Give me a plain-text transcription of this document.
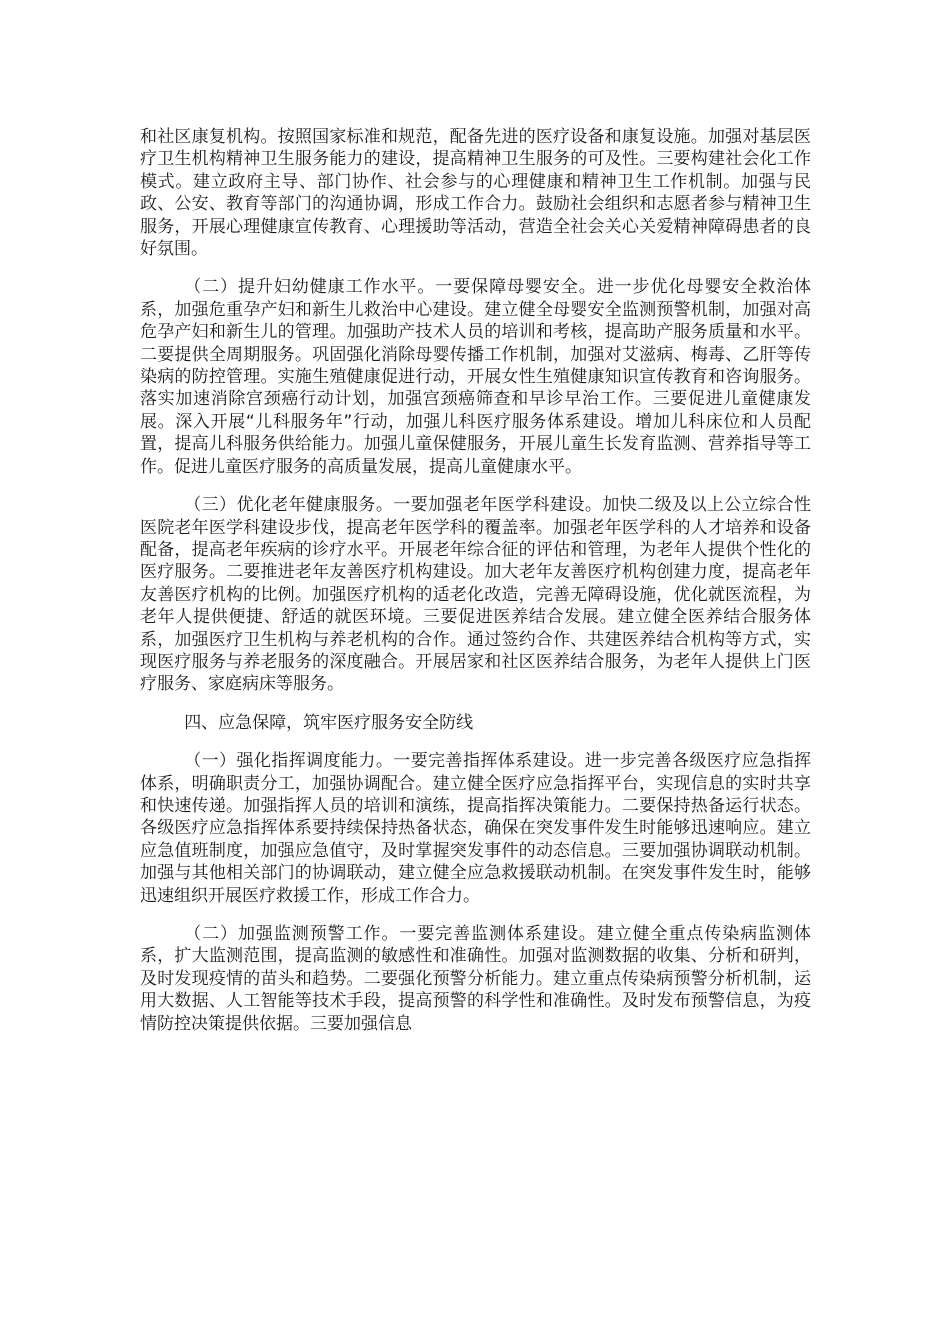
和社区康复机构。按照国家标准和规范，配备先进的医疗设备和康复设施。加强对基层医疗卫生机构精神卫生服务能力的建设，提高精神卫生服务的可及性。三要构建社会化工作模式。建立政府主导、部门协作、社会参与的心理健康和精神卫生工作机制。加强与民政、公安、教育等部门的沟通协调，形成工作合力。鼓励社会组织和志愿者参与精神卫生服务，开展心理健康宣传教育、心理援助等活动，营造全社会关心关爱精神障碍患者的良好氛围。

（二）提升妇幼健康工作水平。一要保障母婴安全。进一步优化母婴安全救治体系，加强危重孕产妇和新生儿救治中心建设。建立健全母婴安全监测预警机制，加强对高危孕产妇和新生儿的管理。加强助产技术人员的培训和考核，提高助产服务质量和水平。二要提供全周期服务。巩固强化消除母婴传播工作机制，加强对艾滋病、梅毒、乙肝等传染病的防控管理。实施生殖健康促进行动，开展女性生殖健康知识宣传教育和咨询服务。落实加速消除宫颈癌行动计划，加强宫颈癌筛查和早诊早治工作。三要促进儿童健康发展。深入开展“儿科服务年”行动，加强儿科医疗服务体系建设。增加儿科床位和人员配置，提高儿科服务供给能力。加强儿童保健服务，开展儿童生长发育监测、营养指导等工作。促进儿童医疗服务的高质量发展，提高儿童健康水平。

（三）优化老年健康服务。一要加强老年医学科建设。加快二级及以上公立综合性医院老年医学科建设步伐，提高老年医学科的覆盖率。加强老年医学科的人才培养和设备配备，提高老年疾病的诊疗水平。开展老年综合征的评估和管理，为老年人提供个性化的医疗服务。二要推进老年友善医疗机构建设。加大老年友善医疗机构创建力度，提高老年友善医疗机构的比例。加强医疗机构的适老化改造，完善无障碍设施，优化就医流程，为老年人提供便捷、舒适的就医环境。三要促进医养结合发展。建立健全医养结合服务体系，加强医疗卫生机构与养老机构的合作。通过签约合作、共建医养结合机构等方式，实现医疗服务与养老服务的深度融合。开展居家和社区医养结合服务，为老年人提供上门医疗服务、家庭病床等服务。

四、应急保障，筑牢医疗服务安全防线

（一）强化指挥调度能力。一要完善指挥体系建设。进一步完善各级医疗应急指挥体系，明确职责分工，加强协调配合。建立健全医疗应急指挥平台，实现信息的实时共享和快速传递。加强指挥人员的培训和演练，提高指挥决策能力。二要保持热备运行状态。各级医疗应急指挥体系要持续保持热备状态，确保在突发事件发生时能够迅速响应。建立应急值班制度，加强应急值守，及时掌握突发事件的动态信息。三要加强协调联动机制。加强与其他相关部门的协调联动，建立健全应急救援联动机制。在突发事件发生时，能够迅速组织开展医疗救援工作，形成工作合力。

（二）加强监测预警工作。一要完善监测体系建设。建立健全重点传染病监测体系，扩大监测范围，提高监测的敏感性和准确性。加强对监测数据的收集、分析和研判，及时发现疫情的苗头和趋势。二要强化预警分析能力。建立重点传染病预警分析机制，运用大数据、人工智能等技术手段，提高预警的科学性和准确性。及时发布预警信息，为疫情防控决策提供依据。三要加强信息
